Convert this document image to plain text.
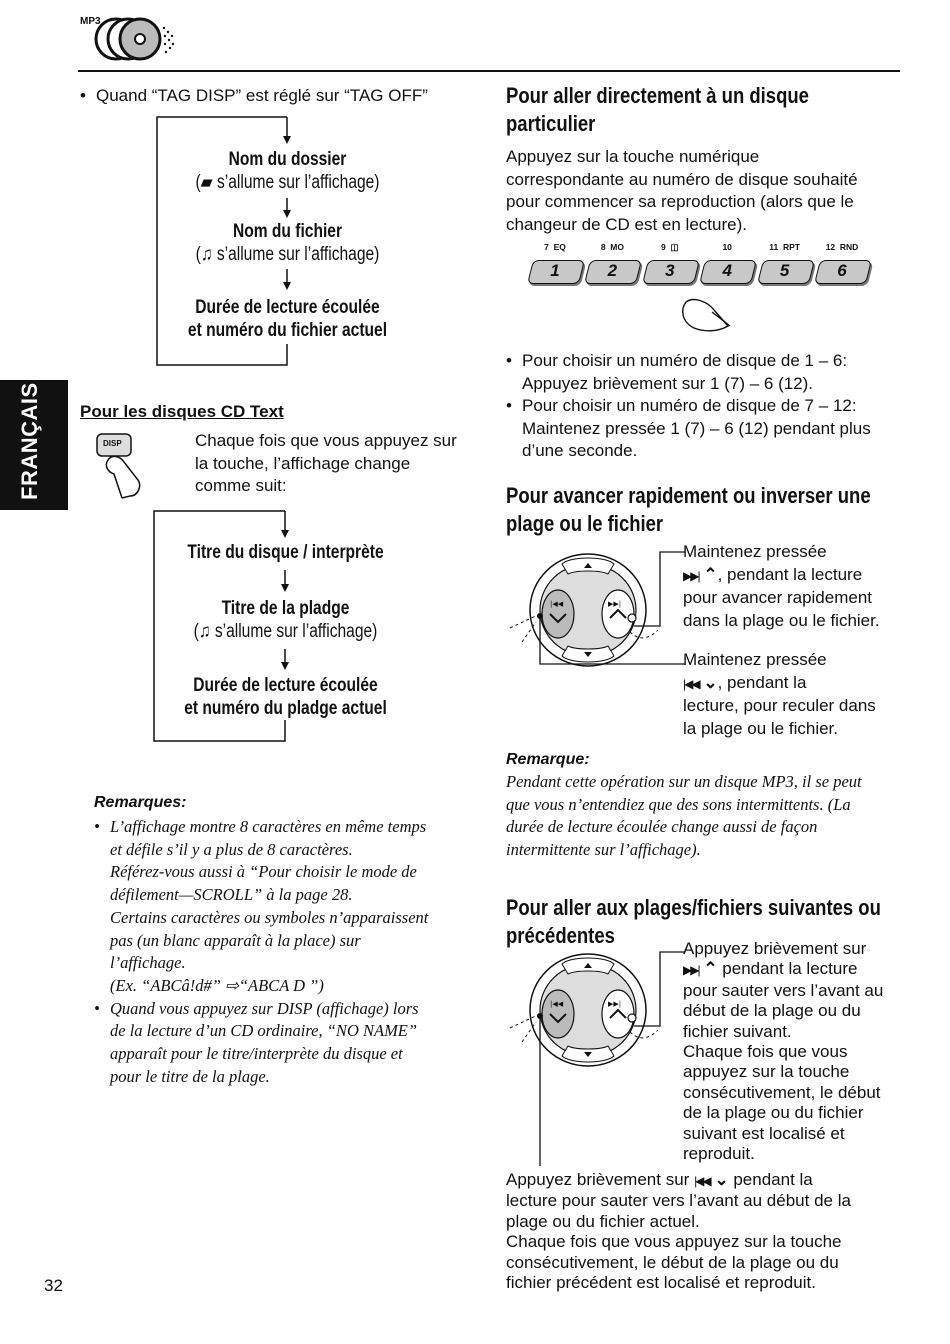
MP3
FRANÇAIS
• Quand “TAG DISP” est réglé sur “TAG OFF”
Nom du dossier
(▰ s’allume sur l’affichage)
Nom du fichier
(♫ s’allume sur l’affichage)
Durée de lecture écoulée
et numéro du fichier actuel
Pour les disques CD Text
DISP	Chaque fois que vous appuyez sur
la touche, l’affichage change
comme suit:
Titre du disque / interprète
Titre de la pladge
(♫ s’allume sur l’affichage)
Durée de lecture écoulée
et numéro du pladge actuel
Remarques:
• L’affichage montre 8 caractères en même temps
et défile s’il y a plus de 8 caractères.
Référez-vous aussi à “Pour choisir le mode de
défilement—SCROLL” à la page 28.
Certains caractères ou symboles n’apparaissent
pas (un blanc apparaît à la place) sur
l’affichage.
(Ex. “ABCâ!d#” ⇨“ABCA D ”)
• Quand vous appuyez sur DISP (affichage) lors
de la lecture d’un CD ordinaire, “NO NAME”
apparaît pour le titre/interprète du disque et
pour le titre de la plage.
32
Pour aller directement à un disque
particulier
Appuyez sur la touche numérique
correspondante au numéro de disque souhaité
pour commencer sa reproduction (alors que le
changeur de CD est en lecture).
7  EQ
1
8  MO
2
9  ◫
3
10
4
11  RPT
5
12  RND
6
• Pour choisir un numéro de disque de 1 – 6:
Appuyez brièvement sur 1 (7) – 6 (12).
• Pour choisir un numéro de disque de 7 – 12:
Maintenez pressée 1 (7) – 6 (12) pendant plus
d’une seconde.
Pour avancer rapidement ou inverser une
plage ou le fichier
|◀◀	▶▶|
Maintenez pressée
▶▶| ⌃, pendant la lecture
pour avancer rapidement
dans la plage ou le fichier.
Maintenez pressée
|◀◀ ⌄, pendant la
lecture, pour reculer dans
la plage ou le fichier.
Remarque:
Pendant cette opération sur un disque MP3, il se peut
que vous n’entendiez que des sons intermittents. (La
durée de lecture écoulée change aussi de façon
intermittente sur l’affichage).
Pour aller aux plages/fichiers suivantes ou
précédentes
|◀◀	▶▶|
Appuyez brièvement sur
▶▶| ⌃ pendant la lecture
pour sauter vers l’avant au
début de la plage ou du
fichier suivant.
Chaque fois que vous
appuyez sur la touche
consécutivement, le début
de la plage ou du fichier
suivant est localisé et
reproduit.
Appuyez brièvement sur |◀◀ ⌄ pendant la
lecture pour sauter vers l’avant au début de la
plage ou du fichier actuel.
Chaque fois que vous appuyez sur la touche
consécutivement, le début de la plage ou du
fichier précédent est localisé et reproduit.
